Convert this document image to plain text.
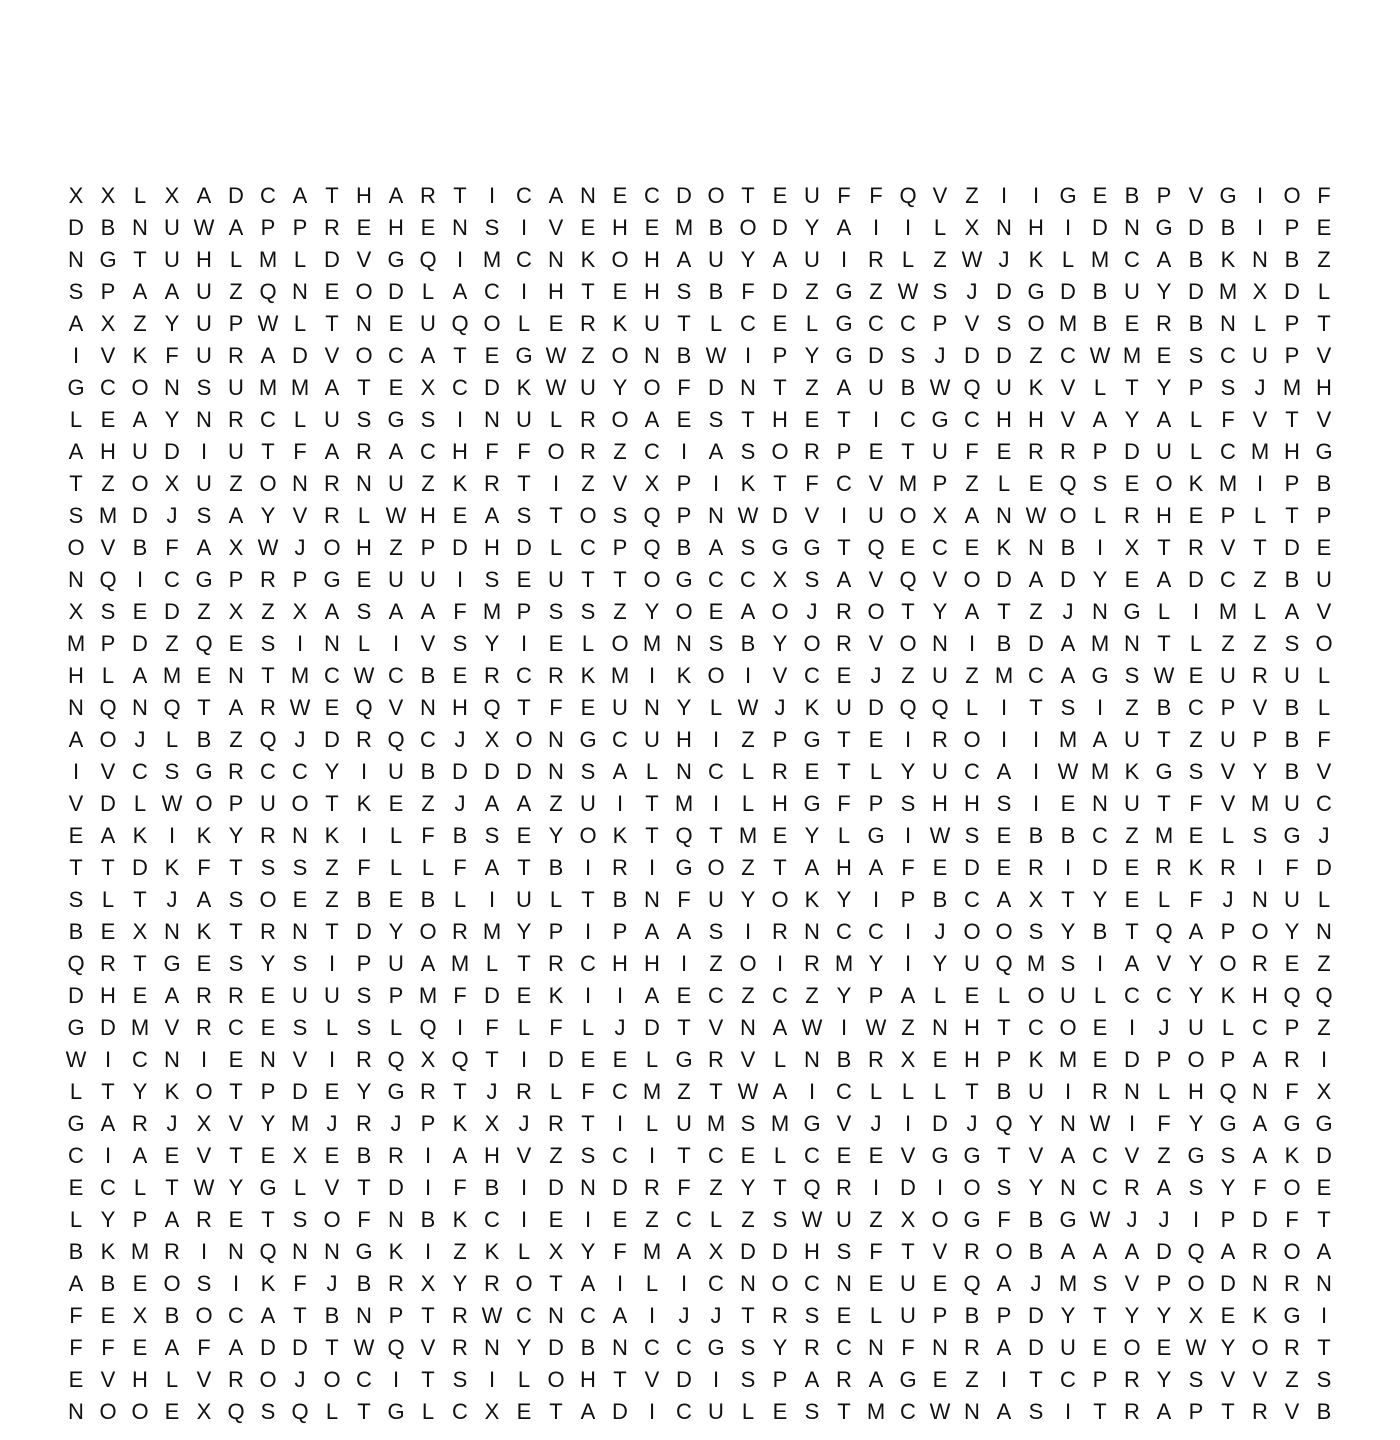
X X L X A D C A T H A R T	I C A N E C D O T E U F F Q V Z	I	I G E B P V G I O F
D B N U W A P P R E H E N S I V E H E M B O D Y A I	I	L X N H I D N G D B I P E
N G T U H L M L D V G Q I M C N K O H A U Y A U I R L Z W J K L M C A B K N B Z
S P A A U Z Q N E O D L A C I H T E H S B F D Z G Z W S J D G D B U Y D M X D L
A X Z Y U P W L T N E U Q O L E R K U T L C E L G C C P V S O M B E R B N L P T
I V K F U R A D V O C A T E G W Z O N B W I P Y G D S J D D Z C W M E S C U P V
G C O N S U M M A T E X C D K W U Y O F D N T Z A U B W Q U K V L T Y P S J M H
L E A Y N R C L U S G S I N U L R O A E S T H E T	I C G C H H V A Y A L F V T V
A H U D I U T F A R A C H F F O R Z C I A S O R P E T U F E R R P D U L C M H G
T Z O X U Z O N R N U Z K R T	I	Z V X P I K T F C V M P Z L E Q S E O K M I P B
S M D J S A Y V R L W H E A S T O S Q P N W D V I U O X A N W O L R H E P L T P
O V B F A X W J O H Z P D H D L C P Q B A S G G T Q E C E K N B I X T R V T D E
N Q I C G P R P G E U U I S E U T T O G C C X S A V Q V O D A D Y E A D C Z B U
X S E D Z X Z X A S A A F M P S S Z Y O E A O J R O T Y A T Z J N G L	I M L A V
M P D Z Q E S I N L	I V S Y I E L O M N S B Y O R V O N I B D A M N T L Z Z S O
H L A M E N T M C W C B E R C R K M I K O I V C E J Z U Z M C A G S W E U R U L
N Q N Q T A R W E Q V N H Q T F E U N Y L W J K U D Q Q L	I	T S I	Z B C P V B L
A O J L B Z Q J D R Q C J X O N G C U H I	Z P G T E I R O I	I M A U T Z U P B F
I V C S G R C C Y I U B D D D N S A L N C L R E T L Y U C A I W M K G S V Y B V
V D L W O P U O T K E Z J A A Z U I	T M I	L H G F P S H H S I E N U T F V M U C
E A K I K Y R N K I	L F B S E Y O K T Q T M E Y L G I W S E B B C Z M E L S G J
T T D K F T S S Z F L L F A T B I R I G O Z T A H A F E D E R I D E R K R I	F D
S L T J A S O E Z B E B L	I U L T B N F U Y O K Y I P B C A X T Y E L F J N U L
B E X N K T R N T D Y O R M Y P I P A A S I R N C C I	J O O S Y B T Q A P O Y N
Q R T G E S Y S I P U A M L T R C H H I	Z O I R M Y I Y U Q M S I A V Y O R E Z
D H E A R R E U U S P M F D E K I	I A E C Z C Z Y P A L E L O U L C C Y K H Q Q
G D M V R C E S L S L Q I	F L F L J D T V N A W I W Z N H T C O E I	J U L C P Z
W I C N I E N V I R Q X Q T	I D E E L G R V L N B R X E H P K M E D P O P A R I
L T Y K O T P D E Y G R T J R L F C M Z T W A I C L L L T B U I R N L H Q N F X
G A R J X V Y M J R J P K X J R T	I	L U M S M G V J	I D J Q Y N W I	F Y G A G G
C I A E V T E X E B R I A H V Z S C I	T C E L C E E V G G T V A C V Z G S A K D
E C L T W Y G L V T D I	F B I D N D R F Z Y T Q R I D I O S Y N C R A S Y F O E
L Y P A R E T S O F N B K C I E I E Z C L Z S W U Z X O G F B G W J J	I P D F T
B K M R I N Q N N G K I	Z K L X Y F M A X D D H S F T V R O B A A A D Q A R O A
A B E O S I K F J B R X Y R O T A I	L	I C N O C N E U E Q A J M S V P O D N R N
F E X B O C A T B N P T R W C N C A I	J J T R S E L U P B P D Y T Y Y X E K G I
F F E A F A D D T W Q V R N Y D B N C C G S Y R C N F N R A D U E O E W Y O R T
E V H L V R O J O C I	T S I	L O H T V D I S P A R A G E Z	I	T C P R Y S V V Z S
N O O E X Q S Q L T G L C X E T A D I C U L E S T M C W N A S I	T R A P T R V B
